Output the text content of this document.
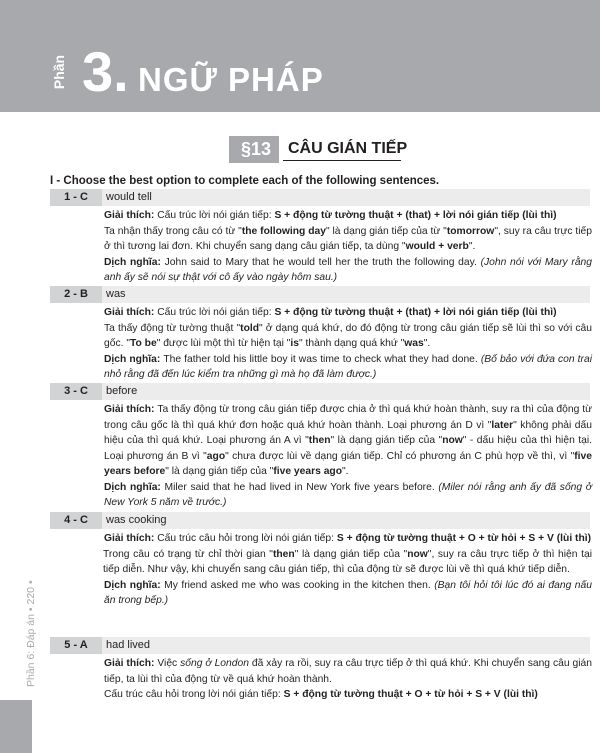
Phần 3. NGỮ PHÁP
§13	CÂU GIÁN TIẾP
I - Choose the best option to complete each of the following sentences.
Phần 6: Đáp án • 220 •
1 - C	would tell

Giải thích: Cấu trúc lời nói gián tiếp: S + động từ tường thuật + (that) + lời nói gián tiếp (lùi thì)

Ta nhận thấy trong câu có từ "the following day" là dạng gián tiếp của từ "tomorrow", suy ra câu trực tiếp ở thì tương lai đơn. Khi chuyển sang dạng câu gián tiếp, ta dùng "would + verb".

Dịch nghĩa: John said to Mary that he would tell her the truth the following day. (John nói với Mary rằng anh ấy sẽ nói sự thật với cô ấy vào ngày hôm sau.)

2 - B	was

Giải thích: Cấu trúc lời nói gián tiếp: S + động từ tường thuật + (that) + lời nói gián tiếp (lùi thì)

Ta thấy động từ tường thuật "told" ở dạng quá khứ, do đó động từ trong câu gián tiếp sẽ lùi thì so với câu gốc. "To be" được lùi một thì từ hiện tại "is" thành dạng quá khứ "was".

Dịch nghĩa: The father told his little boy it was time to check what they had done. (Bố bảo với đứa con trai nhỏ rằng đã đến lúc kiểm tra những gì mà họ đã làm được.)

3 - C	before

Giải thích: Ta thấy động từ trong câu gián tiếp được chia ở thì quá khứ hoàn thành, suy ra thì của động từ trong câu gốc là thì quá khứ đơn hoặc quá khứ hoàn thành. Loại phương án D vì "later" không phải dấu hiệu của thì quá khứ. Loại phương án A vì "then" là dạng gián tiếp của "now" - dấu hiệu của thì hiện tại. Loại phương án B vì "ago" chưa được lùi về dạng gián tiếp. Chỉ có phương án C phù hợp về thì, vì "five years before" là dạng gián tiếp của "five years ago".

Dịch nghĩa: Miler said that he had lived in New York five years before. (Miler nói rằng anh ấy đã sống ở New York 5 năm về trước.)

4 - C	was cooking

Giải thích: Cấu trúc câu hỏi trong lời nói gián tiếp: S + động từ tường thuật + O + từ hỏi + S + V (lùi thì)

Trong câu có trạng từ chỉ thời gian "then" là dạng gián tiếp của "now", suy ra câu trực tiếp ở thì hiện tại tiếp diễn. Như vậy, khi chuyển sang câu gián tiếp, thì của động từ sẽ được lùi về thì quá khứ tiếp diễn.

Dịch nghĩa: My friend asked me who was cooking in the kitchen then. (Bạn tôi hỏi tôi lúc đó ai đang nấu ăn trong bếp.)

5 - A	had lived

Giải thích: Việc sống ở London đã xảy ra rồi, suy ra câu trực tiếp ở thì quá khứ. Khi chuyển sang câu gián tiếp, ta lùi thì của động từ về quá khứ hoàn thành.

Cấu trúc câu hỏi trong lời nói gián tiếp: S + động từ tường thuật + O + từ hỏi + S + V (lùi thì)
